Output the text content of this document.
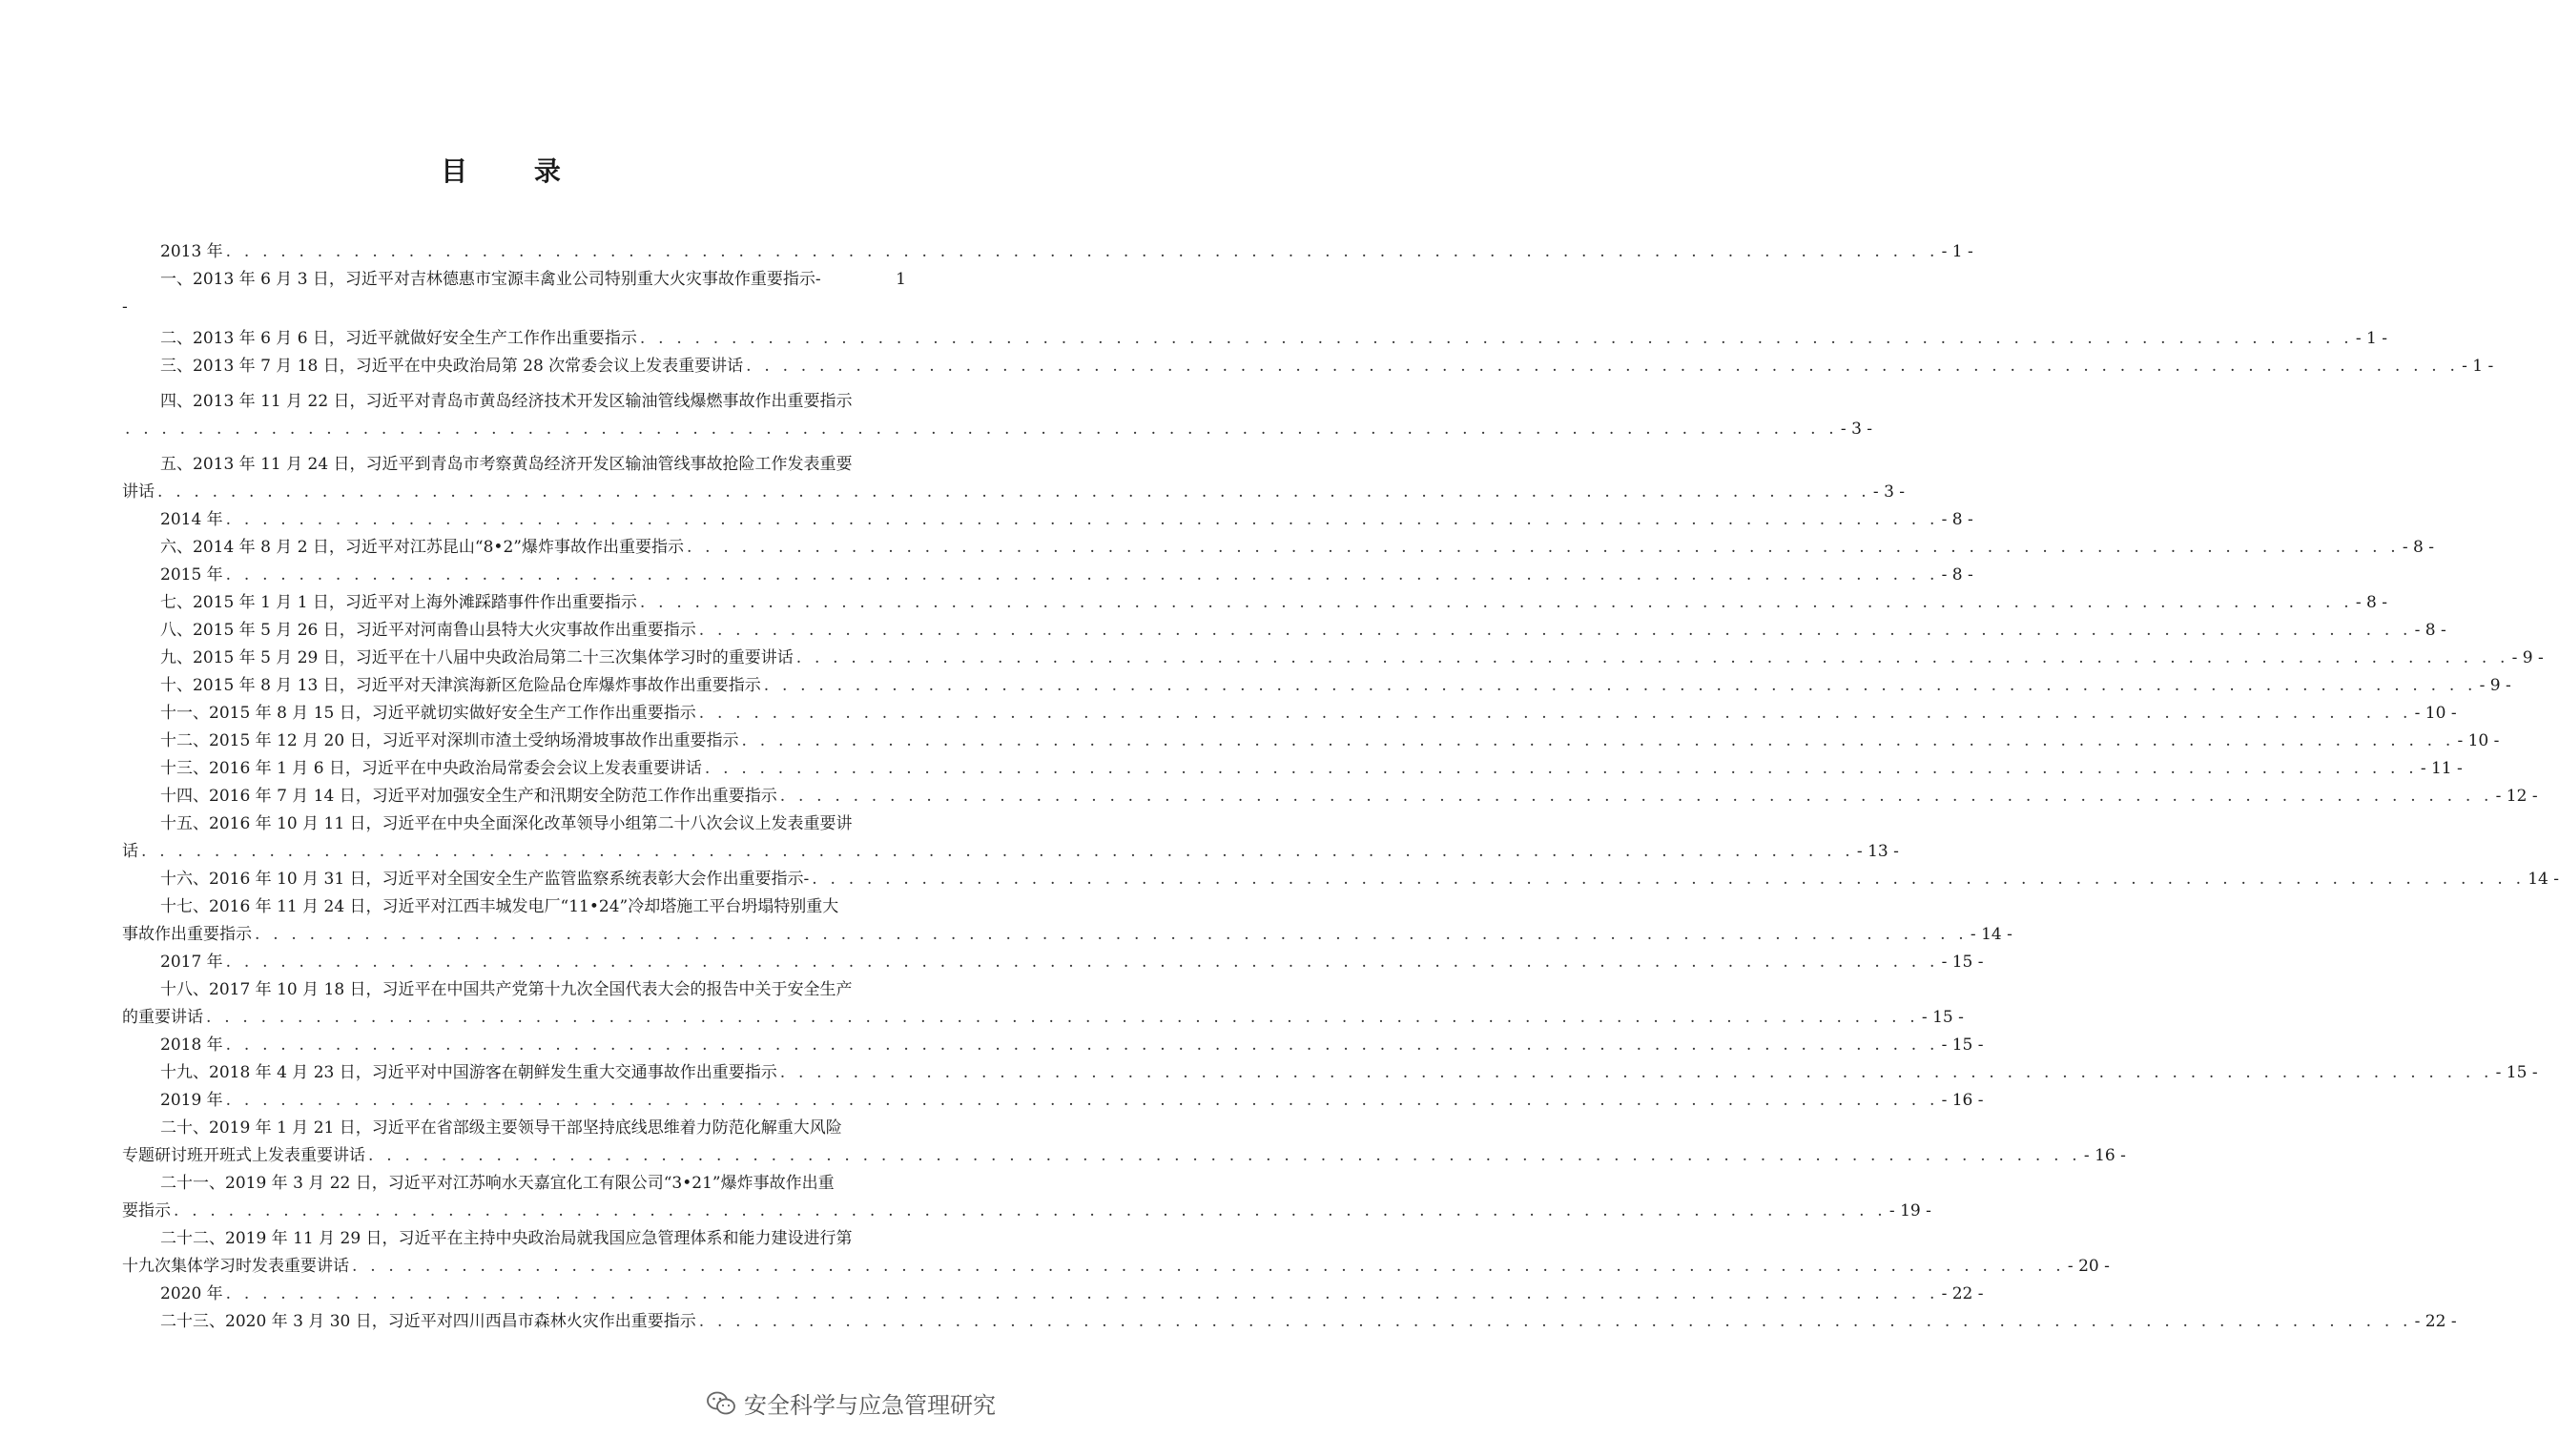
目 录
2013 年 . . . . . . . . . . . . . . . . . . . . . . . . . . . . . . . . . . . . . . . . . . . . . . . . . . . . . . . . . . . . . . . . . . . . . . . . . . . . . . . . . . . . . . . . . . . . . . - 1 -
一、2013 年 6 月 3 日，习近平对吉林德惠市宝源丰禽业公司特别重大火灾事故作重要指示-	1
-
二、2013 年 6 月 6 日，习近平就做好安全生产工作作出重要指示 . . . . . . . . . . . . . . . . . . . . . . . . . . . . . . . . . . . . . . . . . . . . . . . . . . . . . . . . . . . . . . . . . . . . . . . . . . . . . . . . . . . . . . . . . . . . . . - 1 -
三、2013 年 7 月 18 日，习近平在中央政治局第 28 次常委会议上发表重要讲话 . . . . . . . . . . . . . . . . . . . . . . . . . . . . . . . . . . . . . . . . . . . . . . . . . . . . . . . . . . . . . . . . . . . . . . . . . . . . . . . . . . . . . . . . . . . . . . - 1 -
四、2013 年 11 月 22 日，习近平对青岛市黄岛经济技术开发区输油管线爆燃事故作出重要指示
. . . . . . . . . . . . . . . . . . . . . . . . . . . . . . . . . . . . . . . . . . . . . . . . . . . . . . . . . . . . . . . . . . . . . . . . . . . . . . . . . . . . . . . . . . . . . . - 3 -
五、2013 年 11 月 24 日，习近平到青岛市考察黄岛经济开发区输油管线事故抢险工作发表重要
讲话 . . . . . . . . . . . . . . . . . . . . . . . . . . . . . . . . . . . . . . . . . . . . . . . . . . . . . . . . . . . . . . . . . . . . . . . . . . . . . . . . . . . . . . . . . . . . . . - 3 -
2014 年 . . . . . . . . . . . . . . . . . . . . . . . . . . . . . . . . . . . . . . . . . . . . . . . . . . . . . . . . . . . . . . . . . . . . . . . . . . . . . . . . . . . . . . . . . . . . . . - 8 -
六、2014 年 8 月 2 日，习近平对江苏昆山“8•2”爆炸事故作出重要指示 . . . . . . . . . . . . . . . . . . . . . . . . . . . . . . . . . . . . . . . . . . . . . . . . . . . . . . . . . . . . . . . . . . . . . . . . . . . . . . . . . . . . . . . . . . . . . . - 8 -
2015 年 . . . . . . . . . . . . . . . . . . . . . . . . . . . . . . . . . . . . . . . . . . . . . . . . . . . . . . . . . . . . . . . . . . . . . . . . . . . . . . . . . . . . . . . . . . . . . . - 8 -
七、2015 年 1 月 1 日，习近平对上海外滩踩踏事件作出重要指示 . . . . . . . . . . . . . . . . . . . . . . . . . . . . . . . . . . . . . . . . . . . . . . . . . . . . . . . . . . . . . . . . . . . . . . . . . . . . . . . . . . . . . . . . . . . . . . - 8 -
八、2015 年 5 月 26 日，习近平对河南鲁山县特大火灾事故作出重要指示 . . . . . . . . . . . . . . . . . . . . . . . . . . . . . . . . . . . . . . . . . . . . . . . . . . . . . . . . . . . . . . . . . . . . . . . . . . . . . . . . . . . . . . . . . . . . . . - 8 -
九、2015 年 5 月 29 日，习近平在十八届中央政治局第二十三次集体学习时的重要讲话 . . . . . . . . . . . . . . . . . . . . . . . . . . . . . . . . . . . . . . . . . . . . . . . . . . . . . . . . . . . . . . . . . . . . . . . . . . . . . . . . . . . . . . . . . . . . . . - 9 -
十、2015 年 8 月 13 日，习近平对天津滨海新区危险品仓库爆炸事故作出重要指示 . . . . . . . . . . . . . . . . . . . . . . . . . . . . . . . . . . . . . . . . . . . . . . . . . . . . . . . . . . . . . . . . . . . . . . . . . . . . . . . . . . . . . . . . . . . . . . - 9 -
十一、2015 年 8 月 15 日，习近平就切实做好安全生产工作作出重要指示 . . . . . . . . . . . . . . . . . . . . . . . . . . . . . . . . . . . . . . . . . . . . . . . . . . . . . . . . . . . . . . . . . . . . . . . . . . . . . . . . . . . . . . . . . . . . . . - 10 -
十二、2015 年 12 月 20 日，习近平对深圳市渣土受纳场滑坡事故作出重要指示 . . . . . . . . . . . . . . . . . . . . . . . . . . . . . . . . . . . . . . . . . . . . . . . . . . . . . . . . . . . . . . . . . . . . . . . . . . . . . . . . . . . . . . . . . . . . . . - 10 -
十三、2016 年 1 月 6 日，习近平在中央政治局常委会会议上发表重要讲话 . . . . . . . . . . . . . . . . . . . . . . . . . . . . . . . . . . . . . . . . . . . . . . . . . . . . . . . . . . . . . . . . . . . . . . . . . . . . . . . . . . . . . . . . . . . . . . - 11 -
十四、2016 年 7 月 14 日，习近平对加强安全生产和汛期安全防范工作作出重要指示 . . . . . . . . . . . . . . . . . . . . . . . . . . . . . . . . . . . . . . . . . . . . . . . . . . . . . . . . . . . . . . . . . . . . . . . . . . . . . . . . . . . . . . . . . . . . . . - 12 -
十五、2016 年 10 月 11 日，习近平在中央全面深化改革领导小组第二十八次会议上发表重要讲
话 . . . . . . . . . . . . . . . . . . . . . . . . . . . . . . . . . . . . . . . . . . . . . . . . . . . . . . . . . . . . . . . . . . . . . . . . . . . . . . . . . . . . . . . . . . . . . . - 13 -
十六、2016 年 10 月 31 日，习近平对全国安全生产监管监察系统表彰大会作出重要指示- . . . . . . . . . . . . . . . . . . . . . . . . . . . . . . . . . . . . . . . . . . . . . . . . . . . . . . . . . . . . . . . . . . . . . . . . . . . . . . . . . . . . . . . . . . . . . . 14 -
十七、2016 年 11 月 24 日，习近平对江西丰城发电厂“11•24”冷却塔施工平台坍塌特别重大
事故作出重要指示 . . . . . . . . . . . . . . . . . . . . . . . . . . . . . . . . . . . . . . . . . . . . . . . . . . . . . . . . . . . . . . . . . . . . . . . . . . . . . . . . . . . . . . . . . . . . . . - 14 -
2017 年 . . . . . . . . . . . . . . . . . . . . . . . . . . . . . . . . . . . . . . . . . . . . . . . . . . . . . . . . . . . . . . . . . . . . . . . . . . . . . . . . . . . . . . . . . . . . . . - 15 -
十八、2017 年 10 月 18 日，习近平在中国共产党第十九次全国代表大会的报告中关于安全生产
的重要讲话 . . . . . . . . . . . . . . . . . . . . . . . . . . . . . . . . . . . . . . . . . . . . . . . . . . . . . . . . . . . . . . . . . . . . . . . . . . . . . . . . . . . . . . . . . . . . . . - 15 -
2018 年 . . . . . . . . . . . . . . . . . . . . . . . . . . . . . . . . . . . . . . . . . . . . . . . . . . . . . . . . . . . . . . . . . . . . . . . . . . . . . . . . . . . . . . . . . . . . . . - 15 -
十九、2018 年 4 月 23 日，习近平对中国游客在朝鲜发生重大交通事故作出重要指示 . . . . . . . . . . . . . . . . . . . . . . . . . . . . . . . . . . . . . . . . . . . . . . . . . . . . . . . . . . . . . . . . . . . . . . . . . . . . . . . . . . . . . . . . . . . . . . - 15 -
2019 年 . . . . . . . . . . . . . . . . . . . . . . . . . . . . . . . . . . . . . . . . . . . . . . . . . . . . . . . . . . . . . . . . . . . . . . . . . . . . . . . . . . . . . . . . . . . . . . - 16 -
二十、2019 年 1 月 21 日，习近平在省部级主要领导干部坚持底线思维着力防范化解重大风险
专题研讨班开班式上发表重要讲话 . . . . . . . . . . . . . . . . . . . . . . . . . . . . . . . . . . . . . . . . . . . . . . . . . . . . . . . . . . . . . . . . . . . . . . . . . . . . . . . . . . . . . . . . . . . . . . - 16 -
二十一、2019 年 3 月 22 日，习近平对江苏响水天嘉宜化工有限公司“3•21”爆炸事故作出重
要指示 . . . . . . . . . . . . . . . . . . . . . . . . . . . . . . . . . . . . . . . . . . . . . . . . . . . . . . . . . . . . . . . . . . . . . . . . . . . . . . . . . . . . . . . . . . . . . . - 19 -
二十二、2019 年 11 月 29 日，习近平在主持中央政治局就我国应急管理体系和能力建设进行第
十九次集体学习时发表重要讲话 . . . . . . . . . . . . . . . . . . . . . . . . . . . . . . . . . . . . . . . . . . . . . . . . . . . . . . . . . . . . . . . . . . . . . . . . . . . . . . . . . . . . . . . . . . . . . . - 20 -
2020 年 . . . . . . . . . . . . . . . . . . . . . . . . . . . . . . . . . . . . . . . . . . . . . . . . . . . . . . . . . . . . . . . . . . . . . . . . . . . . . . . . . . . . . . . . . . . . . . - 22 -
二十三、2020 年 3 月 30 日，习近平对四川西昌市森林火灾作出重要指示 . . . . . . . . . . . . . . . . . . . . . . . . . . . . . . . . . . . . . . . . . . . . . . . . . . . . . . . . . . . . . . . . . . . . . . . . . . . . . . . . . . . . . . . . . . . . . . - 22 -
安全科学与应急管理研究
